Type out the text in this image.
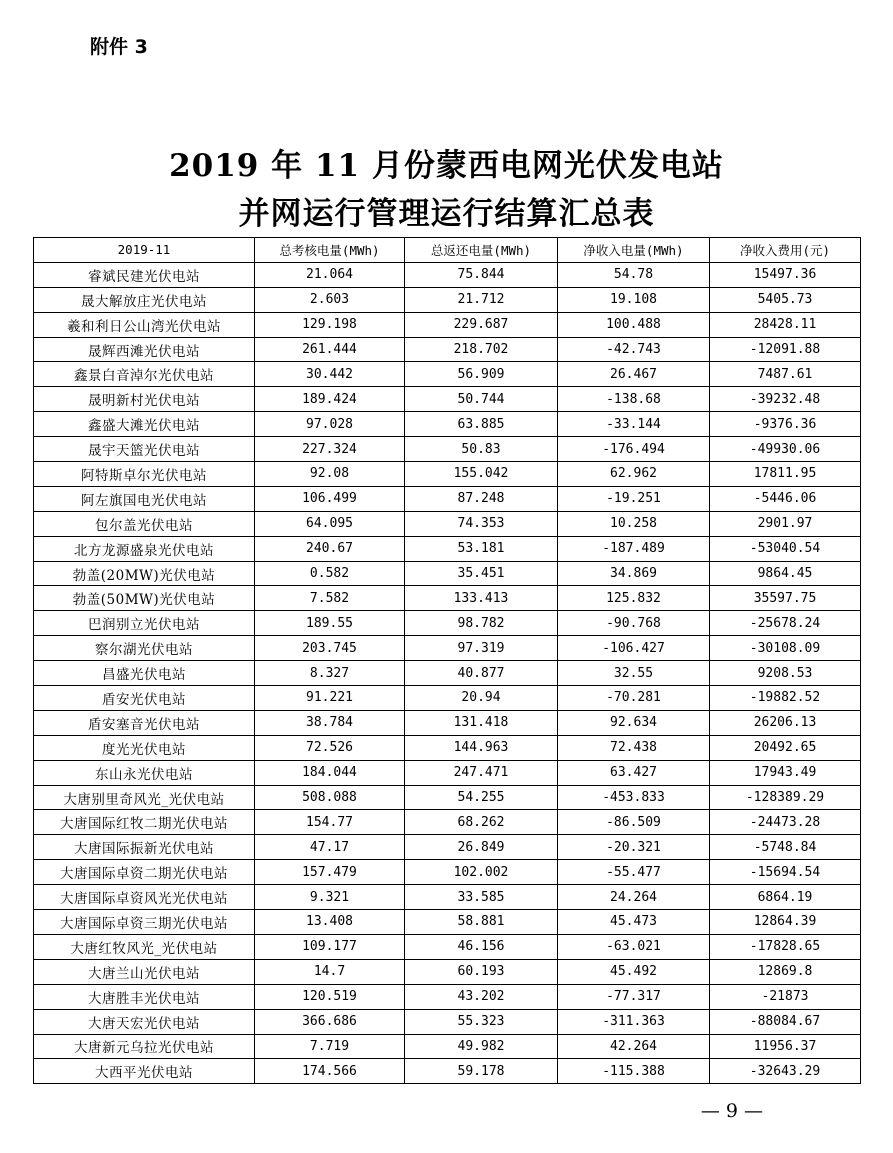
附件 3
2019 年 11 月份蒙西电网光伏发电站
并网运行管理运行结算汇总表
2019-11	总考核电量(MWh)	总返还电量(MWh)	净收入电量(MWh)	净收入费用(元)
睿斌民建光伏电站	21.064	75.844	54.78	15497.36
晟大解放庄光伏电站	2.603	21.712	19.108	5405.73
羲和利日公山湾光伏电站	129.198	229.687	100.488	28428.11
晟辉西滩光伏电站	261.444	218.702	-42.743	-12091.88
鑫景白音淖尔光伏电站	30.442	56.909	26.467	7487.61
晟明新村光伏电站	189.424	50.744	-138.68	-39232.48
鑫盛大滩光伏电站	97.028	63.885	-33.144	-9376.36
晟宇天篮光伏电站	227.324	50.83	-176.494	-49930.06
阿特斯卓尔光伏电站	92.08	155.042	62.962	17811.95
阿左旗国电光伏电站	106.499	87.248	-19.251	-5446.06
包尔盖光伏电站	64.095	74.353	10.258	2901.97
北方龙源盛泉光伏电站	240.67	53.181	-187.489	-53040.54
勃盖(20MW)光伏电站	0.582	35.451	34.869	9864.45
勃盖(50MW)光伏电站	7.582	133.413	125.832	35597.75
巴润别立光伏电站	189.55	98.782	-90.768	-25678.24
察尔湖光伏电站	203.745	97.319	-106.427	-30108.09
昌盛光伏电站	8.327	40.877	32.55	9208.53
盾安光伏电站	91.221	20.94	-70.281	-19882.52
盾安塞音光伏电站	38.784	131.418	92.634	26206.13
度光光伏电站	72.526	144.963	72.438	20492.65
东山永光伏电站	184.044	247.471	63.427	17943.49
大唐别里奇风光_光伏电站	508.088	54.255	-453.833	-128389.29
大唐国际红牧二期光伏电站	154.77	68.262	-86.509	-24473.28
大唐国际振新光伏电站	47.17	26.849	-20.321	-5748.84
大唐国际卓资二期光伏电站	157.479	102.002	-55.477	-15694.54
大唐国际卓资风光光伏电站	9.321	33.585	24.264	6864.19
大唐国际卓资三期光伏电站	13.408	58.881	45.473	12864.39
大唐红牧风光_光伏电站	109.177	46.156	-63.021	-17828.65
大唐兰山光伏电站	14.7	60.193	45.492	12869.8
大唐胜丰光伏电站	120.519	43.202	-77.317	-21873
大唐天宏光伏电站	366.686	55.323	-311.363	-88084.67
大唐新元乌拉光伏电站	7.719	49.982	42.264	11956.37
大西平光伏电站	174.566	59.178	-115.388	-32643.29
— 9 —
